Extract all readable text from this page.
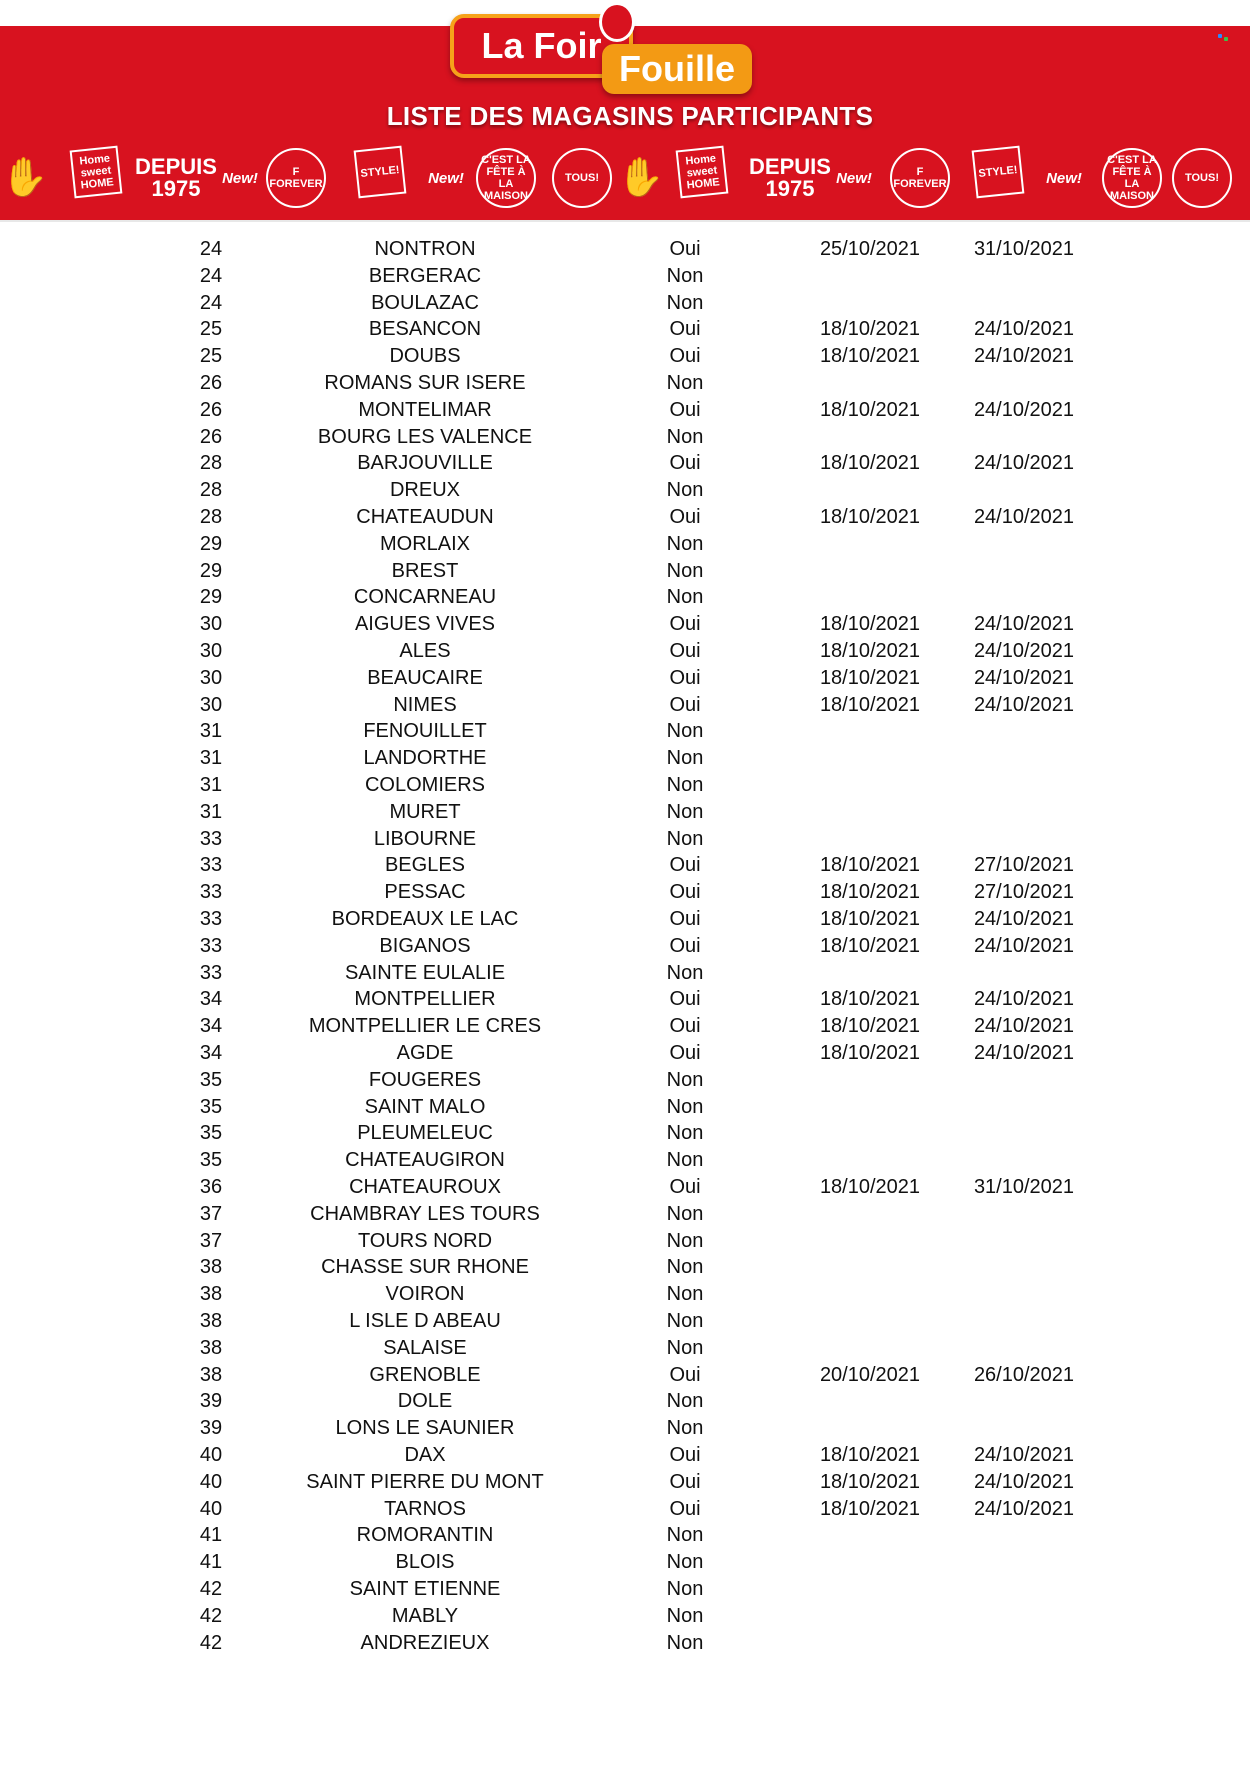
La Foir
Fouille
LISTE DES MAGASINS PARTICIPANTS
✋	Home sweet HOME
DEPUIS 1975	New!	F FOREVER
STYLE!	New!
C'EST LA FÊTE À LA MAISON
TOUS! ✋	Home sweet HOME
DEPUIS 1975	New!	F FOREVER
STYLE!	New!
C'EST LA FÊTE À LA MAISON
TOUS!
24	NONTRON	Oui	25/10/2021	31/10/2021
24	BERGERAC	Non
24	BOULAZAC	Non
25	BESANCON	Oui	18/10/2021	24/10/2021
25	DOUBS	Oui	18/10/2021	24/10/2021
26	ROMANS SUR ISERE	Non
26	MONTELIMAR	Oui	18/10/2021	24/10/2021
26	BOURG LES VALENCE	Non
28	BARJOUVILLE	Oui	18/10/2021	24/10/2021
28	DREUX	Non
28	CHATEAUDUN	Oui	18/10/2021	24/10/2021
29	MORLAIX	Non
29	BREST	Non
29	CONCARNEAU	Non
30	AIGUES VIVES	Oui	18/10/2021	24/10/2021
30	ALES	Oui	18/10/2021	24/10/2021
30	BEAUCAIRE	Oui	18/10/2021	24/10/2021
30	NIMES	Oui	18/10/2021	24/10/2021
31	FENOUILLET	Non
31	LANDORTHE	Non
31	COLOMIERS	Non
31	MURET	Non
33	LIBOURNE	Non
33	BEGLES	Oui	18/10/2021	27/10/2021
33	PESSAC	Oui	18/10/2021	27/10/2021
33	BORDEAUX LE LAC	Oui	18/10/2021	24/10/2021
33	BIGANOS	Oui	18/10/2021	24/10/2021
33	SAINTE EULALIE	Non
34	MONTPELLIER	Oui	18/10/2021	24/10/2021
34	MONTPELLIER LE CRES	Oui	18/10/2021	24/10/2021
34	AGDE	Oui	18/10/2021	24/10/2021
35	FOUGERES	Non
35	SAINT MALO	Non
35	PLEUMELEUC	Non
35	CHATEAUGIRON	Non
36	CHATEAUROUX	Oui	18/10/2021	31/10/2021
37	CHAMBRAY LES TOURS	Non
37	TOURS NORD	Non
38	CHASSE SUR RHONE	Non
38	VOIRON	Non
38	L ISLE D ABEAU	Non
38	SALAISE	Non
38	GRENOBLE	Oui	20/10/2021	26/10/2021
39	DOLE	Non
39	LONS LE SAUNIER	Non
40	DAX	Oui	18/10/2021	24/10/2021
40	SAINT PIERRE DU MONT	Oui	18/10/2021	24/10/2021
40	TARNOS	Oui	18/10/2021	24/10/2021
41	ROMORANTIN	Non
41	BLOIS	Non
42	SAINT ETIENNE	Non
42	MABLY	Non
42	ANDREZIEUX	Non
